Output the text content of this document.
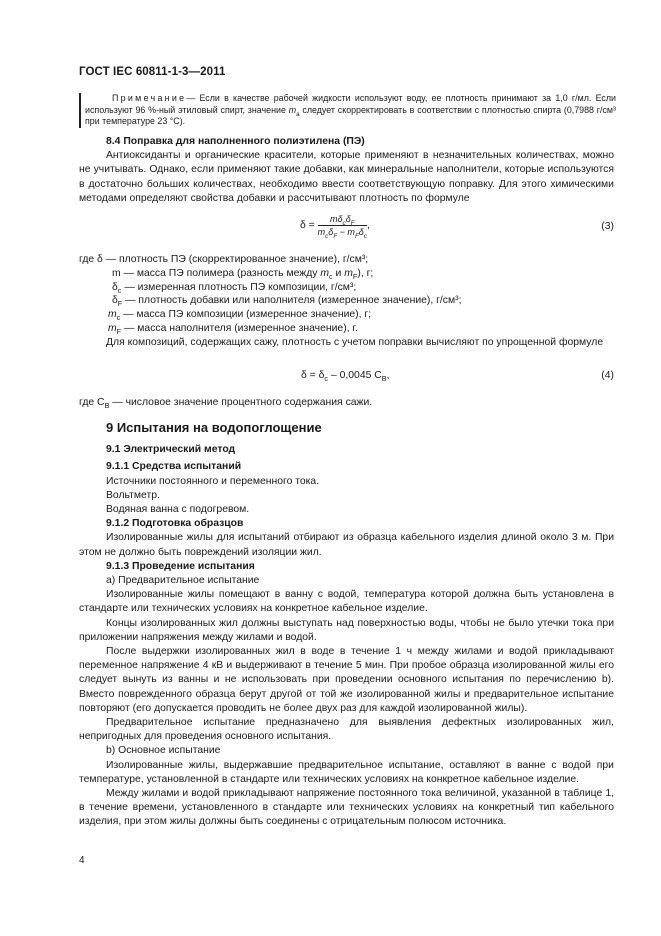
ГОСТ IEC 60811-1-3—2011

Примечание— Если в качестве рабочей жидкости используют воду, ее плотность принимают за 1,0 г/мл. Если используют 96 %-ный этиловый спирт, значение $m_a$ следует скорректировать в соответствии с плотностью спирта (0,7988 г/см³ при температуре 23 °C).

8.4 Поправка для наполненного полиэтилена (ПЭ)

Антиоксиданты и органические красители, которые применяют в незначительных количествах, можно не учитывать. Однако, если применяют такие добавки, как минеральные наполнители, которые используются в достаточно больших количествах, необходимо ввести соответствующую поправку. Для этого химическими методами определяют свойства добавки и рассчитывают плотность по формуле

$\delta = \frac{m\delta_c\delta_F}{m_c\delta_F - m_F\delta_c}$ ,	(3)
где δ — плотность ПЭ (скорректированное значение), г/см³;
m — масса ПЭ полимера (разность между $m_c$ и $m_F$), г;
$\delta_c$ — измеренная плотность ПЭ композиции, г/см³;
$\delta_F$ — плотность добавки или наполнителя (измеренное значение), г/см³;
$m_c$ — масса ПЭ композиции (измеренное значение), г;
$m_F$ — масса наполнителя (измеренное значение), г.

Для композиций, содержащих сажу, плотность с учетом поправки вычисляют по упрощенной формуле

$\delta = \delta_c - 0,0045$ $C_B$,	(4)

где $C_B$ — числовое значение процентного содержания сажи.

9 Испытания на водопоглощение

9.1 Электрический метод

9.1.1 Средства испытаний

Источники постоянного и переменного тока.

Вольтметр.

Водяная ванна с подогревом.

9.1.2 Подготовка образцов

Изолированные жилы для испытаний отбирают из образца кабельного изделия длиной около 3 м. При этом не должно быть повреждений изоляции жил.

9.1.3 Проведение испытания

a) Предварительное испытание

Изолированные жилы помещают в ванну с водой, температура которой должна быть установлена в стандарте или технических условиях на конкретное кабельное изделие.

Концы изолированных жил должны выступать над поверхностью воды, чтобы не было утечки тока при приложении напряжения между жилами и водой.

После выдержки изолированных жил в воде в течение 1 ч между жилами и водой прикладывают переменное напряжение 4 кВ и выдерживают в течение 5 мин. При пробое образца изолированной жилы его следует вынуть из ванны и не использовать при проведении основного испытания по перечислению b). Вместо поврежденного образца берут другой от той же изолированной жилы и предварительное испытание повторяют (его допускается проводить не более двух раз для каждой изолированной жилы).

Предварительное испытание предназначено для выявления дефектных изолированных жил, непригодных для проведения основного испытания.

b) Основное испытание

Изолированные жилы, выдержавшие предварительное испытание, оставляют в ванне с водой при температуре, установленной в стандарте или технических условиях на конкретное кабельное изделие.

Между жилами и водой прикладывают напряжение постоянного тока величиной, указанной в таблице 1, в течение времени, установленного в стандарте или технических условиях на конкретный тип кабельного изделия, при этом жилы должны быть соединены с отрицательным полюсом источника.

4
